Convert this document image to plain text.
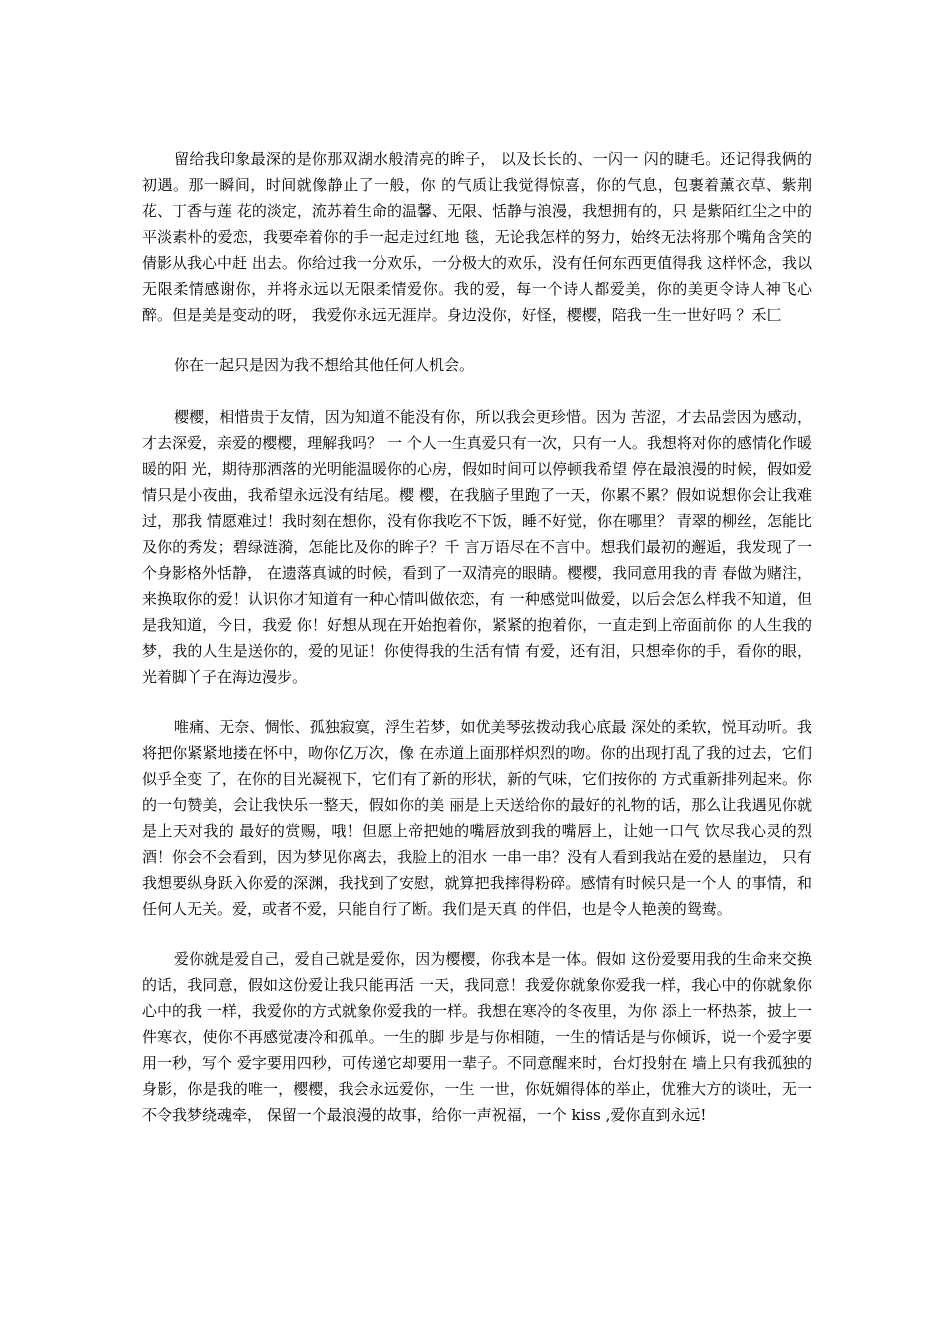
留给我印象最深的是你那双湖水般清亮的眸子， 以及长长的、一闪一 闪的睫毛。还记得我俩的初遇。那一瞬间，时间就像静止了一般，你 的气质让我觉得惊喜，你的气息，包裹着薰衣草、紫荆花、丁香与莲 花的淡定，流苏着生命的温馨、无限、恬静与浪漫，我想拥有的，只 是紫陌红尘之中的平淡素朴的爱恋，我要牵着你的手一起走过红地 毯，无论我怎样的努力，始终无法将那个嘴角含笑的倩影从我心中赶 出去。你给过我一分欢乐，一分极大的欢乐，没有任何东西更值得我 这样怀念，我以无限柔情感谢你，并将永远以无限柔情爱你。我的爱，每一个诗人都爱美，你的美更令诗人神飞心醉。但是美是变动的呀， 我爱你永远无涯岸。身边没你，好怪，樱樱，陪我一生一世好吗 ？禾匚

你在一起只是因为我不想给其他任何人机会。

樱樱，相惜贵于友情，因为知道不能没有你，所以我会更珍惜。因为 苦涩，才去品尝因为感动，才去深爱，亲爱的樱樱，理解我吗？ 一 个人一生真爱只有一次，只有一人。我想将对你的感情化作暖暖的阳 光，期待那洒落的光明能温暖你的心房，假如时间可以停顿我希望 停在最浪漫的时候，假如爱情只是小夜曲，我希望永远没有结尾。樱 樱，在我脑子里跑了一天，你累不累？假如说想你会让我难过，那我 情愿难过！我时刻在想你，没有你我吃不下饭，睡不好觉，你在哪里？ 青翠的柳丝，怎能比及你的秀发；碧绿涟漪，怎能比及你的眸子？千 言万语尽在不言中。想我们最初的邂逅，我发现了一个身影格外恬静， 在遗落真诚的时候，看到了一双清亮的眼睛。樱樱，我同意用我的青 春做为赌注，来换取你的爱！认识你才知道有一种心情叫做依恋，有 一种感觉叫做爱，以后会怎么样我不知道，但是我知道，今日，我爱 你！好想从现在开始抱着你，紧紧的抱着你，一直走到上帝面前你 的人生我的梦，我的人生是送你的，爱的见证！你使得我的生活有情 有爱，还有泪，只想牵你的手，看你的眼，光着脚丫子在海边漫步。

唯痛、无奈、惆怅、孤独寂寞，浮生若梦，如优美琴弦拨动我心底最 深处的柔软，悦耳动听。我将把你紧紧地搂在怀中，吻你亿万次，像 在赤道上面那样炽烈的吻。你的出现打乱了我的过去，它们似乎全变 了，在你的目光凝视下，它们有了新的形状，新的气味，它们按你的 方式重新排列起来。你的一句赞美，会让我快乐一整天，假如你的美 丽是上天送给你的最好的礼物的话，那么让我遇见你就是上天对我的 最好的赏赐，哦！但愿上帝把她的嘴唇放到我的嘴唇上，让她一口气 饮尽我心灵的烈酒！你会不会看到，因为梦见你离去，我脸上的泪水 一串一串？没有人看到我站在爱的悬崖边， 只有我想要纵身跃入你爱的深渊，我找到了安慰，就算把我摔得粉碎。感情有时候只是一个人 的事情，和任何人无关。爱，或者不爱，只能自行了断。我们是天真 的伴侣，也是令人艳羡的鸳鸯。

爱你就是爱自己，爱自己就是爱你，因为樱樱，你我本是一体。假如 这份爱要用我的生命来交换的话，我同意，假如这份爱让我只能再活 一天，我同意！我爱你就象你爱我一样，我心中的你就象你心中的我 一样，我爱你的方式就象你爱我的一样。我想在寒冷的冬夜里，为你 添上一杯热茶，披上一件寒衣，使你不再感觉凄冷和孤单。一生的脚 步是与你相随，一生的情话是与你倾诉，说一个爱字要用一秒，写个 爱字要用四秒，可传递它却要用一辈子。不同意醒来时，台灯投射在 墙上只有我孤独的身影，你是我的唯一，樱樱，我会永远爱你，一生 一世，你妩媚得体的举止，优雅大方的谈吐，无一不令我梦绕魂牵， 保留一个最浪漫的故事，给你一声祝福，一个 kiss ,爱你直到永远!
